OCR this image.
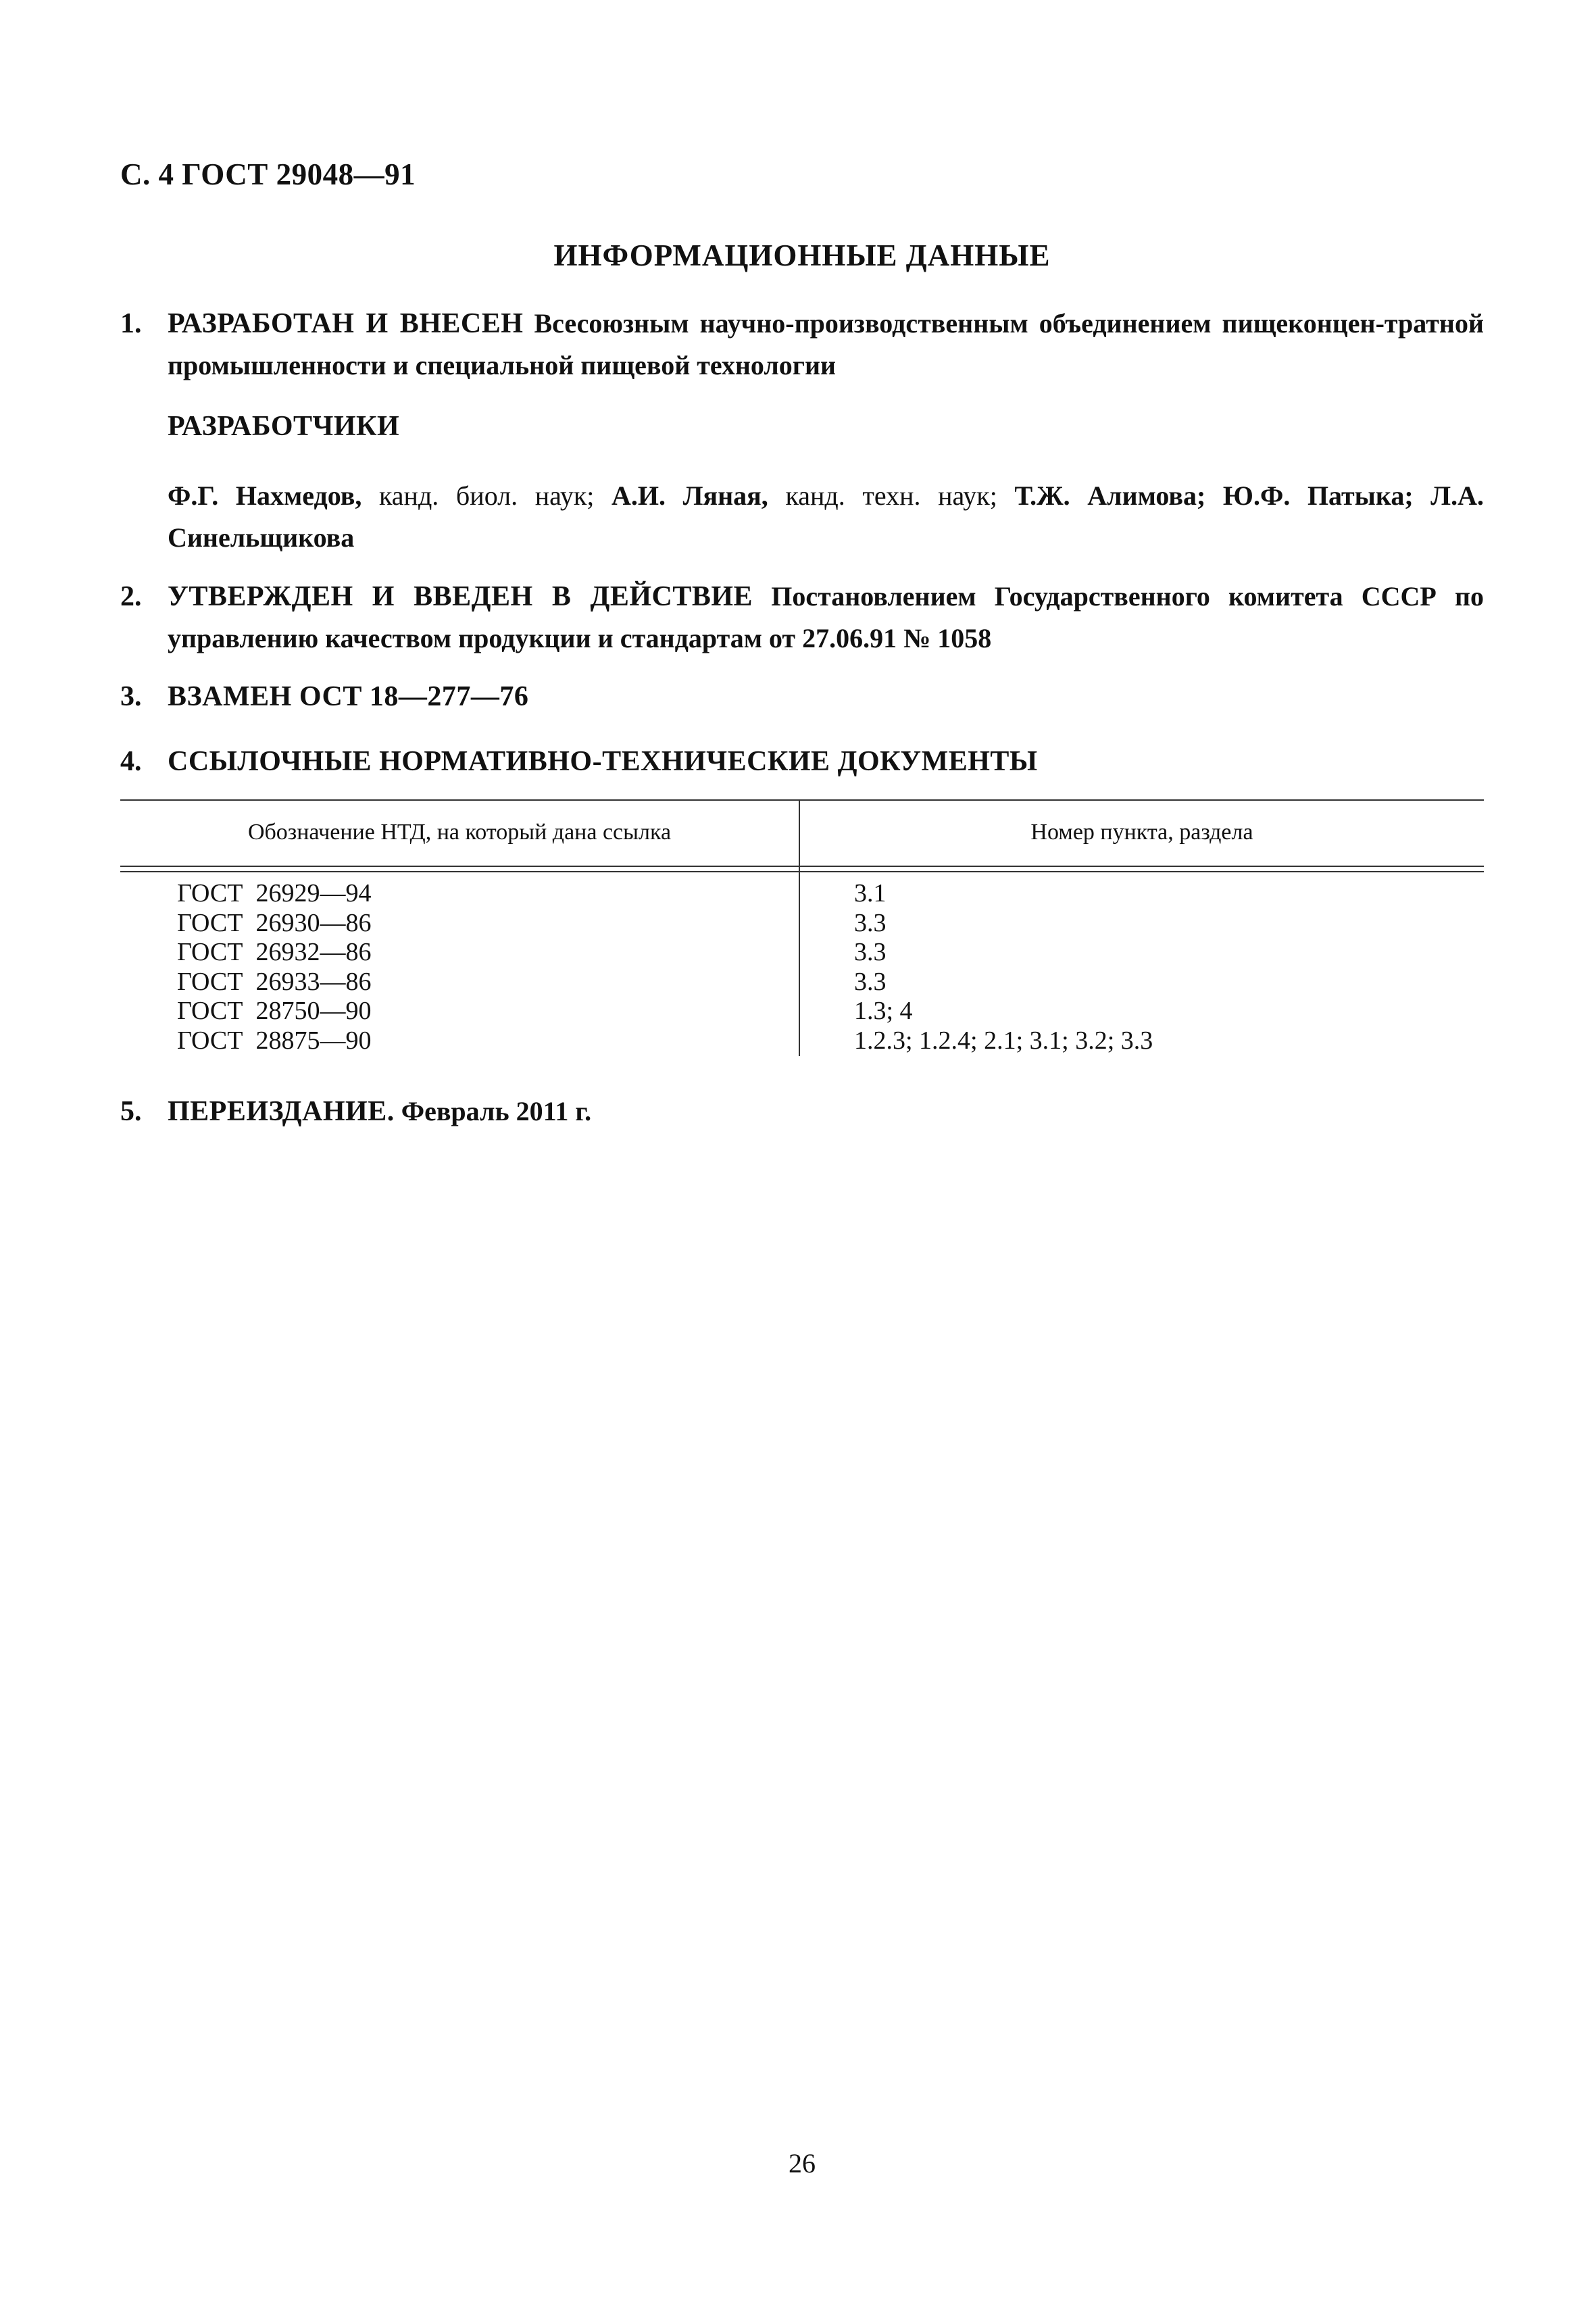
С. 4 ГОСТ 29048—91
ИНФОРМАЦИОННЫЕ ДАННЫЕ
1. РАЗРАБОТАН И ВНЕСЕН Всесоюзным научно-производственным объединением пищеконцен-тратной промышленности и специальной пищевой технологии
РАЗРАБОТЧИКИ
Ф.Г. Нахмедов, канд. биол. наук; А.И. Ляная, канд. техн. наук; Т.Ж. Алимова; Ю.Ф. Патыка; Л.А. Синельщикова
2. УТВЕРЖДЕН И ВВЕДЕН В ДЕЙСТВИЕ Постановлением Государственного комитета СССР по управлению качеством продукции и стандартам от 27.06.91 № 1058
3. ВЗАМЕН ОСТ 18—277—76
4. ССЫЛОЧНЫЕ НОРМАТИВНО-ТЕХНИЧЕСКИЕ ДОКУМЕНТЫ
Обозначение НТД, на который дана ссылка	Номер пункта, раздела
ГОСТ  26929—94	3.1
ГОСТ  26930—86	3.3
ГОСТ  26932—86	3.3
ГОСТ  26933—86	3.3
ГОСТ  28750—90	1.3; 4
ГОСТ  28875—90	1.2.3; 1.2.4; 2.1; 3.1; 3.2; 3.3
5. ПЕРЕИЗДАНИЕ. Февраль 2011 г.
26
